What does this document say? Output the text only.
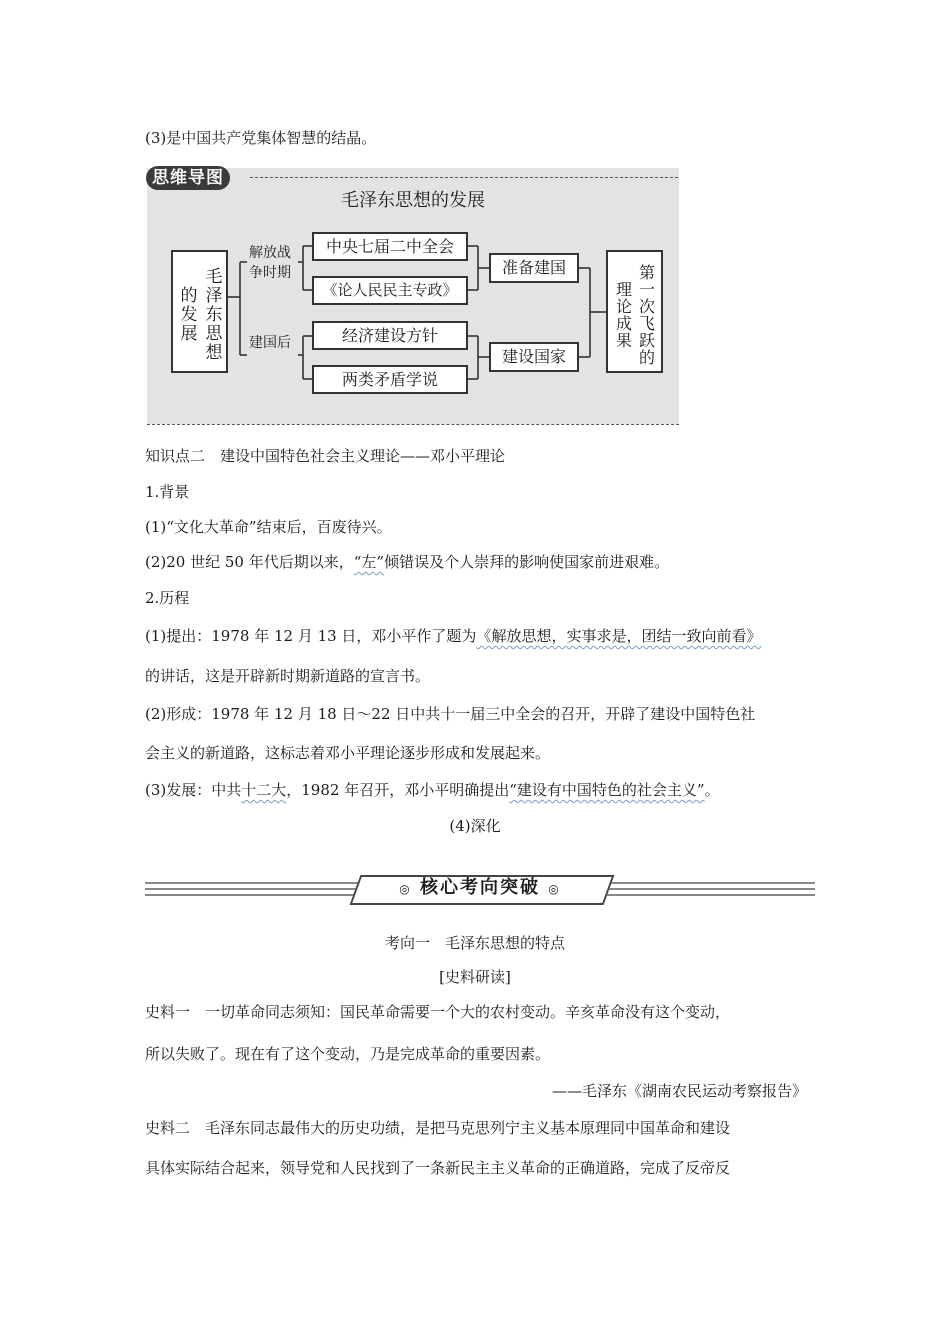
(3)是中国共产党集体智慧的结晶。
思维导图
毛泽东思想的发展
毛泽东思想的发展
解放战
争时期
建国后
中央七届二中全会
《论人民民主专政》
经济建设方针
两类矛盾学说
准备建国
建设国家	第一次飞跃的理论成果
知识点二　建设中国特色社会主义理论——邓小平理论
1.背景
(1)“文化大革命”结束后，百废待兴。
(2)20 世纪 50 年代后期以来，“左”倾错误及个人崇拜的影响使国家前进艰难。
2.历程
(1)提出：1978 年 12 月 13 日，邓小平作了题为《解放思想，实事求是，团结一致向前看》
的讲话，这是开辟新时期新道路的宣言书。
(2)形成：1978 年 12 月 18 日～22 日中共十一届三中全会的召开，开辟了建设中国特色社
会主义的新道路，这标志着邓小平理论逐步形成和发展起来。
(3)发展：中共十二大，1982 年召开，邓小平明确提出“建设有中国特色的社会主义”。
(4)深化
◎ 核心考向突破 ◎
考向一　毛泽东思想的特点
[史料研读]
史料一　一切革命同志须知：国民革命需要一个大的农村变动。辛亥革命没有这个变动，
所以失败了。现在有了这个变动，乃是完成革命的重要因素。
——毛泽东《湖南农民运动考察报告》
史料二　毛泽东同志最伟大的历史功绩，是把马克思列宁主义基本原理同中国革命和建设
具体实际结合起来，领导党和人民找到了一条新民主主义革命的正确道路，完成了反帝反
